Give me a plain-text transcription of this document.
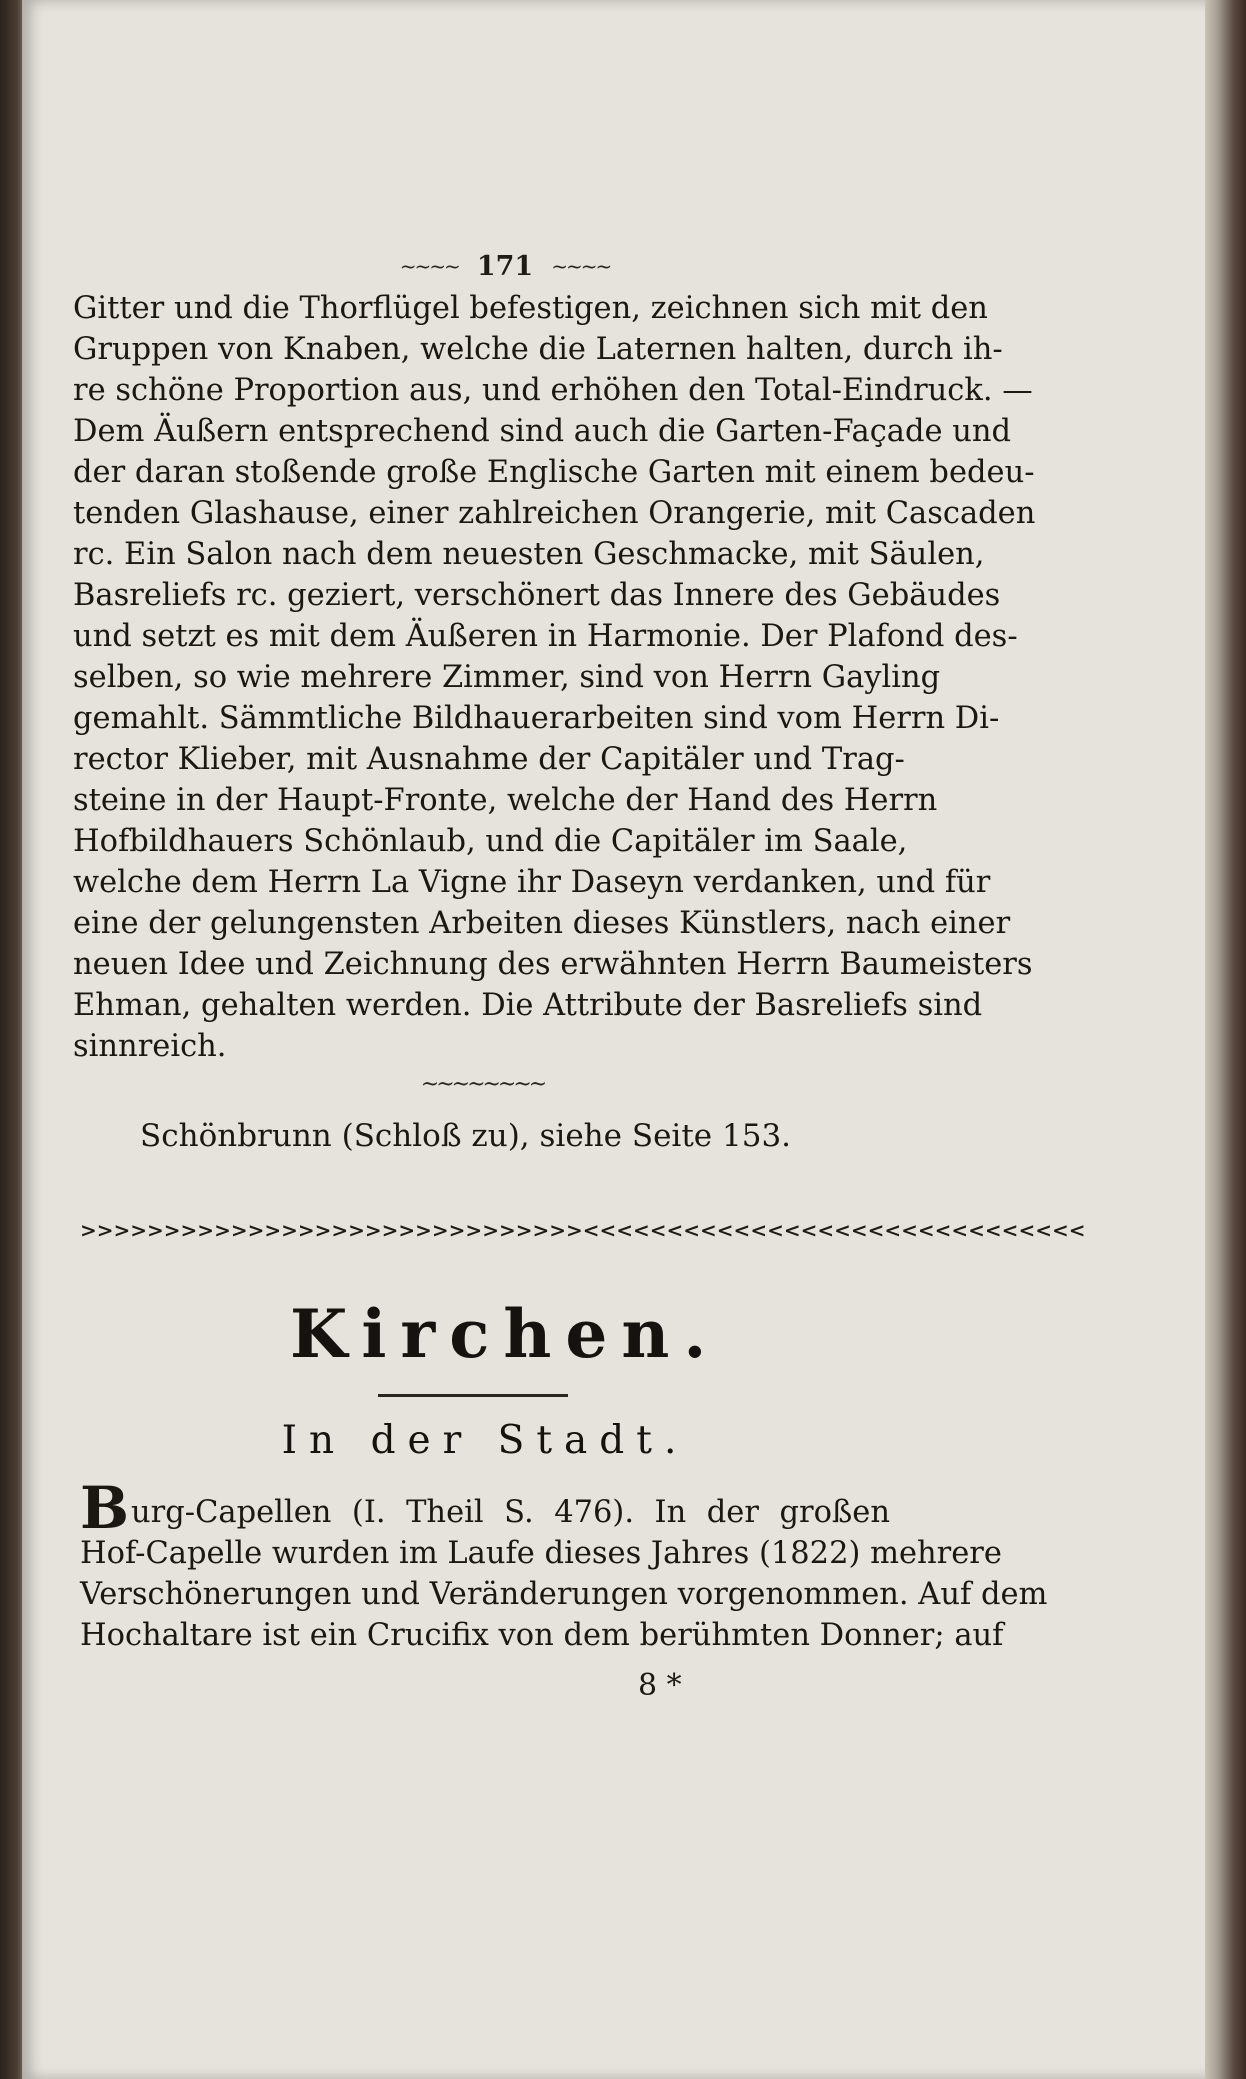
~~~~ 171 ~~~~
Gitter und die Thorflügel befestigen, zeichnen sich mit den
Gruppen von Knaben, welche die Laternen halten, durch ih-
re schöne Proportion aus, und erhöhen den Total-Eindruck. —
Dem Äußern entsprechend sind auch die Garten-Façade und
der daran stoßende große Englische Garten mit einem bedeu-
tenden Glashause, einer zahlreichen Orangerie, mit Cascaden
rc. Ein Salon nach dem neuesten Geschmacke, mit Säulen,
Basreliefs rc. geziert, verschönert das Innere des Gebäudes
und setzt es mit dem Äußeren in Harmonie. Der Plafond des-
selben, so wie mehrere Zimmer, sind von Herrn Gayling
gemahlt. Sämmtliche Bildhauerarbeiten sind vom Herrn Di-
rector Klieber, mit Ausnahme der Capitäler und Trag-
steine in der Haupt-Fronte, welche der Hand des Herrn
Hofbildhauers Schönlaub, und die Capitäler im Saale,
welche dem Herrn La Vigne ihr Daseyn verdanken, und für
eine der gelungensten Arbeiten dieses Künstlers, nach einer
neuen Idee und Zeichnung des erwähnten Herrn Baumeisters
Ehman, gehalten werden. Die Attribute der Basreliefs sind
sinnreich.
~~~~~~~~
Schönbrunn (Schloß zu), siehe Seite 153.
>>>>>>>>>>>>>>>>>>>>>>>>>>>>>><<<<<<<<<<<<<<<<<<<<<<<<<<<<<<
Kirchen.
In der Stadt.
Burg-Capellen (I. Theil S. 476). In der großen
Hof-Capelle wurden im Laufe dieses Jahres (1822) mehrere
Verschönerungen und Veränderungen vorgenommen. Auf dem
Hochaltare ist ein Crucifix von dem berühmten Donner; auf
8 *
